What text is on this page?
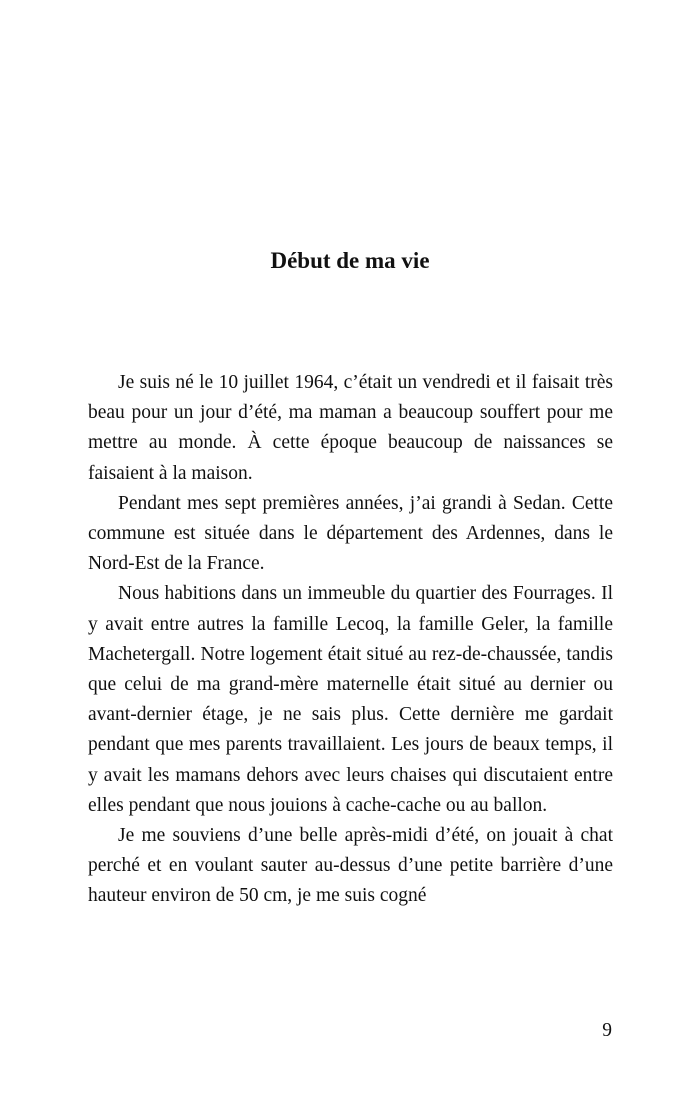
Début de ma vie

Je suis né le 10 juillet 1964, c’était un vendredi et il faisait très beau pour un jour d’été, ma maman a beaucoup souffert pour me mettre au monde. À cette époque beaucoup de naissances se faisaient à la maison.

Pendant mes sept premières années, j’ai grandi à Sedan. Cette commune est située dans le département des Ardennes, dans le Nord-Est de la France.

Nous habitions dans un immeuble du quartier des Fourrages. Il y avait entre autres la famille Lecoq, la famille Geler, la famille Machetergall. Notre logement était situé au rez-de-chaussée, tandis que celui de ma grand-mère maternelle était situé au dernier ou avant-dernier étage, je ne sais plus. Cette dernière me gardait pendant que mes parents travaillaient. Les jours de beaux temps, il y avait les mamans dehors avec leurs chaises qui discutaient entre elles pendant que nous jouions à cache-cache ou au ballon.

Je me souviens d’une belle après-midi d’été, on jouait à chat perché et en voulant sauter au-dessus d’une petite barrière d’une hauteur environ de 50 cm, je me suis cogné

9
